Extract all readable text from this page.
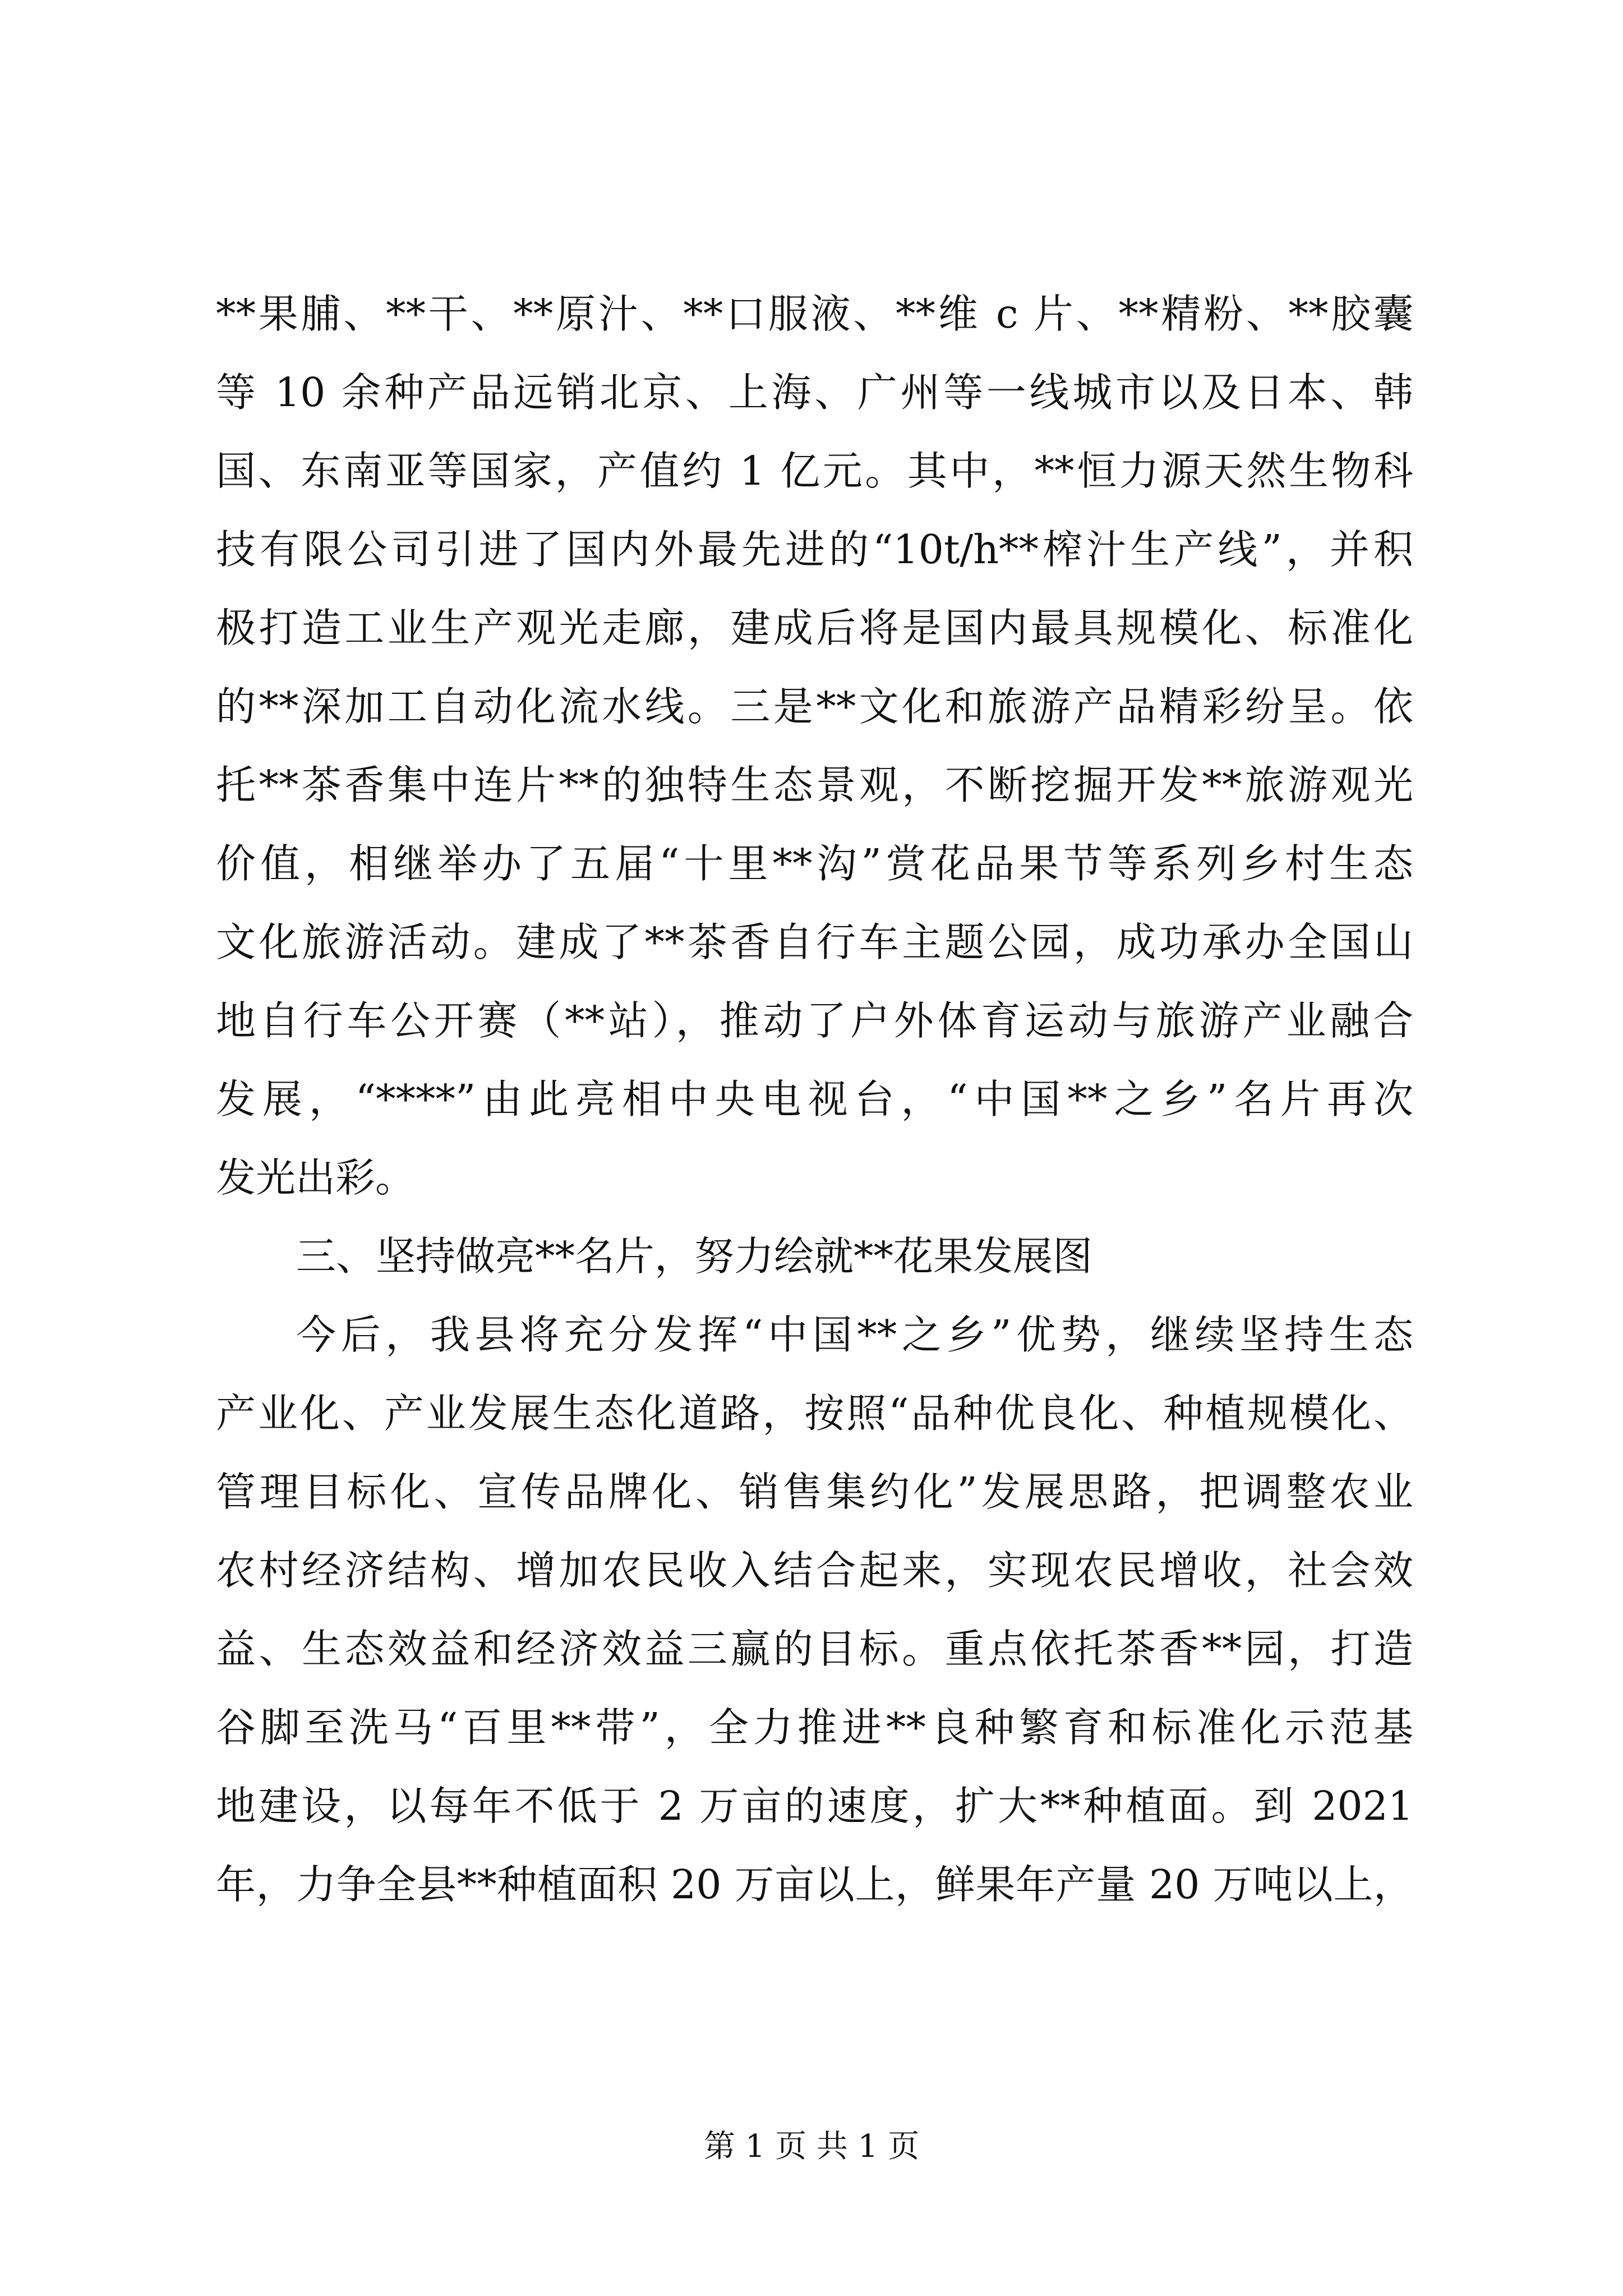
**果脯、**干、**原汁、**口服液、**维 c 片、**精粉、**胶囊
等 10 余种产品远销北京、上海、广州等一线城市以及日本、韩
国、东南亚等国家，产值约 1 亿元。其中，**恒力源天然生物科
技有限公司引进了国内外最先进的“10t/h**榨汁生产线”，并积
极打造工业生产观光走廊，建成后将是国内最具规模化、标准化
的**深加工自动化流水线。三是**文化和旅游产品精彩纷呈。依
托**茶香集中连片**的独特生态景观，不断挖掘开发**旅游观光
价值，相继举办了五届“十里**沟”赏花品果节等系列乡村生态
文化旅游活动。建成了**茶香自行车主题公园，成功承办全国山
地自行车公开赛（**站），推动了户外体育运动与旅游产业融合
发展，“****”由此亮相中央电视台，“中国**之乡”名片再次
发光出彩。
三、坚持做亮**名片，努力绘就**花果发展图
今后，我县将充分发挥“中国**之乡”优势，继续坚持生态
产业化、产业发展生态化道路，按照“品种优良化、种植规模化、
管理目标化、宣传品牌化、销售集约化”发展思路，把调整农业
农村经济结构、增加农民收入结合起来，实现农民增收，社会效
益、生态效益和经济效益三赢的目标。重点依托茶香**园，打造
谷脚至洗马“百里**带”，全力推进**良种繁育和标准化示范基
地建设，以每年不低于 2 万亩的速度，扩大**种植面。到 2021
年，力争全县**种植面积 20 万亩以上，鲜果年产量 20 万吨以上，
第 1 页 共 1 页
